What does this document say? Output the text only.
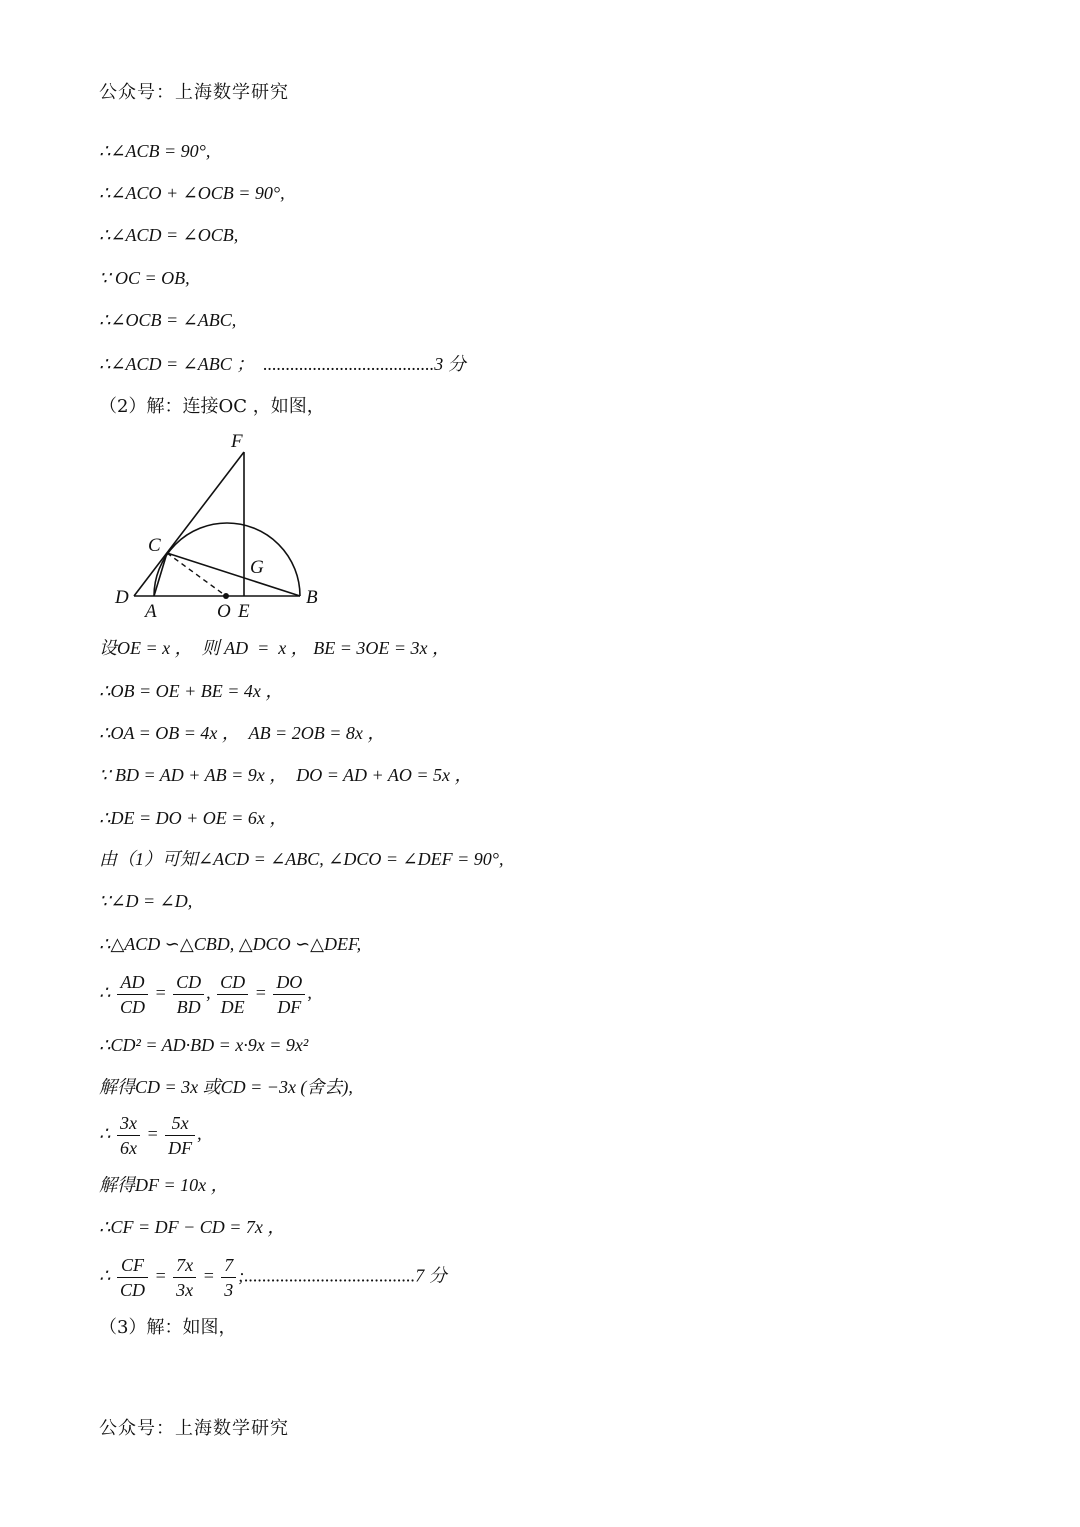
公众号：上海数学研究
∴∠ACB = 90°,
∴∠ACO + ∠OCB = 90°,
∴∠ACD = ∠OCB,
∵ OC = OB,
∴∠OCB = ∠ABC,
∴∠ACD = ∠ABC ；  ......................................3 分
（2）解：连接OC ，如图，
F
C
G
D
A	O E
B
设OE = x ，  则 AD  =  x ， BE = 3OE = 3x ，
∴OB = OE + BE = 4x ，
∴OA = OB = 4x ，  AB = 2OB = 8x ，
∵ BD = AD + AB = 9x ，  DO = AD + AO = 5x ，
∴DE = DO + OE = 6x ，
由（1）可知∠ACD = ∠ABC, ∠DCO = ∠DEF = 90°,
∵∠D = ∠D,
∴△ACD ∽△CBD, △DCO ∽△DEF,
∴ $\frac{AD}{CD} = \frac{CD}{BD}$ , $\frac{CD}{DE} = \frac{DO}{DF}$ ,
∴CD² = AD·BD = x·9x = 9x²
解得CD = 3x 或CD = −3x (舍去),
∴ $\frac{3x}{6x} = \frac{5x}{DF}$ ,
解得DF = 10x ，
∴CF = DF − CD = 7x ，
∴ $\frac{CF}{CD} = \frac{7x}{3x} = \frac{7}{3}$ ;......................................7 分
（3）解：如图，
公众号：上海数学研究
